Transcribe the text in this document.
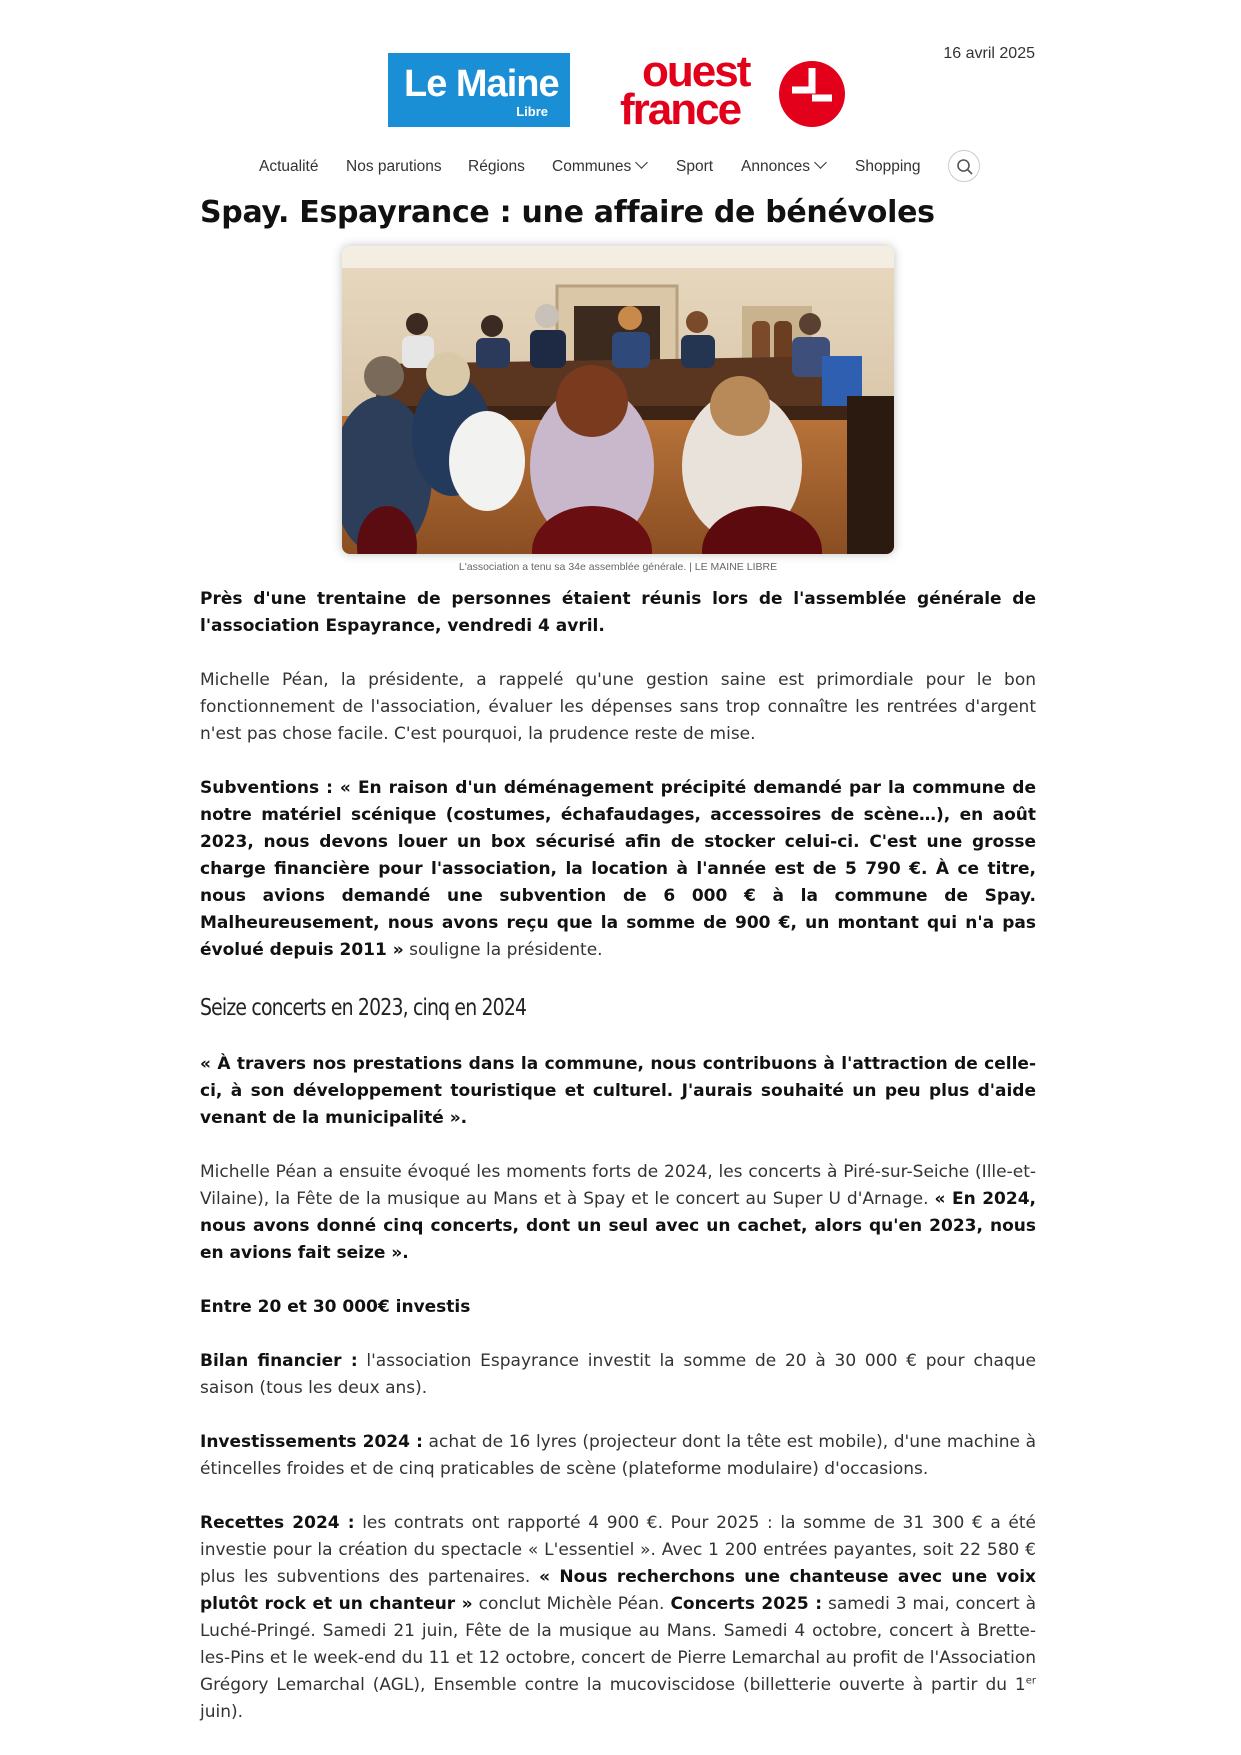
16 avril 2025
Le Maine
Libre
ouest
france
Actualité Nos parutions Régions Communes	Sport Annonces	Shopping
Spay. Espayrance : une affaire de bénévoles
L'association a tenu sa 34e assemblée générale. | LE MAINE LIBRE

Près d'une trentaine de personnes étaient réunis lors de l'assemblée générale de l'association Espayrance, vendredi 4 avril.

Michelle Péan, la présidente, a rappelé qu'une gestion saine est primordiale pour le bon fonctionnement de l'association, évaluer les dépenses sans trop connaître les rentrées d'argent n'est pas chose facile. C'est pourquoi, la prudence reste de mise.

Subventions : « En raison d'un déménagement précipité demandé par la commune de notre matériel scénique (costumes, échafaudages, accessoires de scène…), en août 2023, nous devons louer un box sécurisé afin de stocker celui-ci. C'est une grosse charge financière pour l'association, la location à l'année est de 5 790 €. À ce titre, nous avions demandé une subvention de 6 000 € à la commune de Spay. Malheureusement, nous avons reçu que la somme de 900 €, un montant qui n'a pas évolué depuis 2011 » souligne la présidente.

Seize concerts en 2023, cinq en 2024

« À travers nos prestations dans la commune, nous contribuons à l'attraction de celle-ci, à son développement touristique et culturel. J'aurais souhaité un peu plus d'aide venant de la municipalité ».

Michelle Péan a ensuite évoqué les moments forts de 2024, les concerts à Piré-sur-Seiche (Ille-et-Vilaine), la Fête de la musique au Mans et à Spay et le concert au Super U d'Arnage. « En 2024, nous avons donné cinq concerts, dont un seul avec un cachet, alors qu'en 2023, nous en avions fait seize ».

Entre 20 et 30 000€ investis

Bilan financier : l'association Espayrance investit la somme de 20 à 30 000 € pour chaque saison (tous les deux ans).

Investissements 2024 : achat de 16 lyres (projecteur dont la tête est mobile), d'une machine à étincelles froides et de cinq praticables de scène (plateforme modulaire) d'occasions.

Recettes 2024 : les contrats ont rapporté 4 900 €. Pour 2025 : la somme de 31 300 € a été investie pour la création du spectacle « L'essentiel ». Avec 1 200 entrées payantes, soit 22 580 € plus les subventions des partenaires. « Nous recherchons une chanteuse avec une voix plutôt rock et un chanteur » conclut Michèle Péan. Concerts 2025 : samedi 3 mai, concert à Luché-Pringé. Samedi 21 juin, Fête de la musique au Mans. Samedi 4 octobre, concert à Brette-les-Pins et le week-end du 11 et 12 octobre, concert de Pierre Lemarchal au profit de l'Association Grégory Lemarchal (AGL), Ensemble contre la mucoviscidose (billetterie ouverte à partir du 1er juin).
